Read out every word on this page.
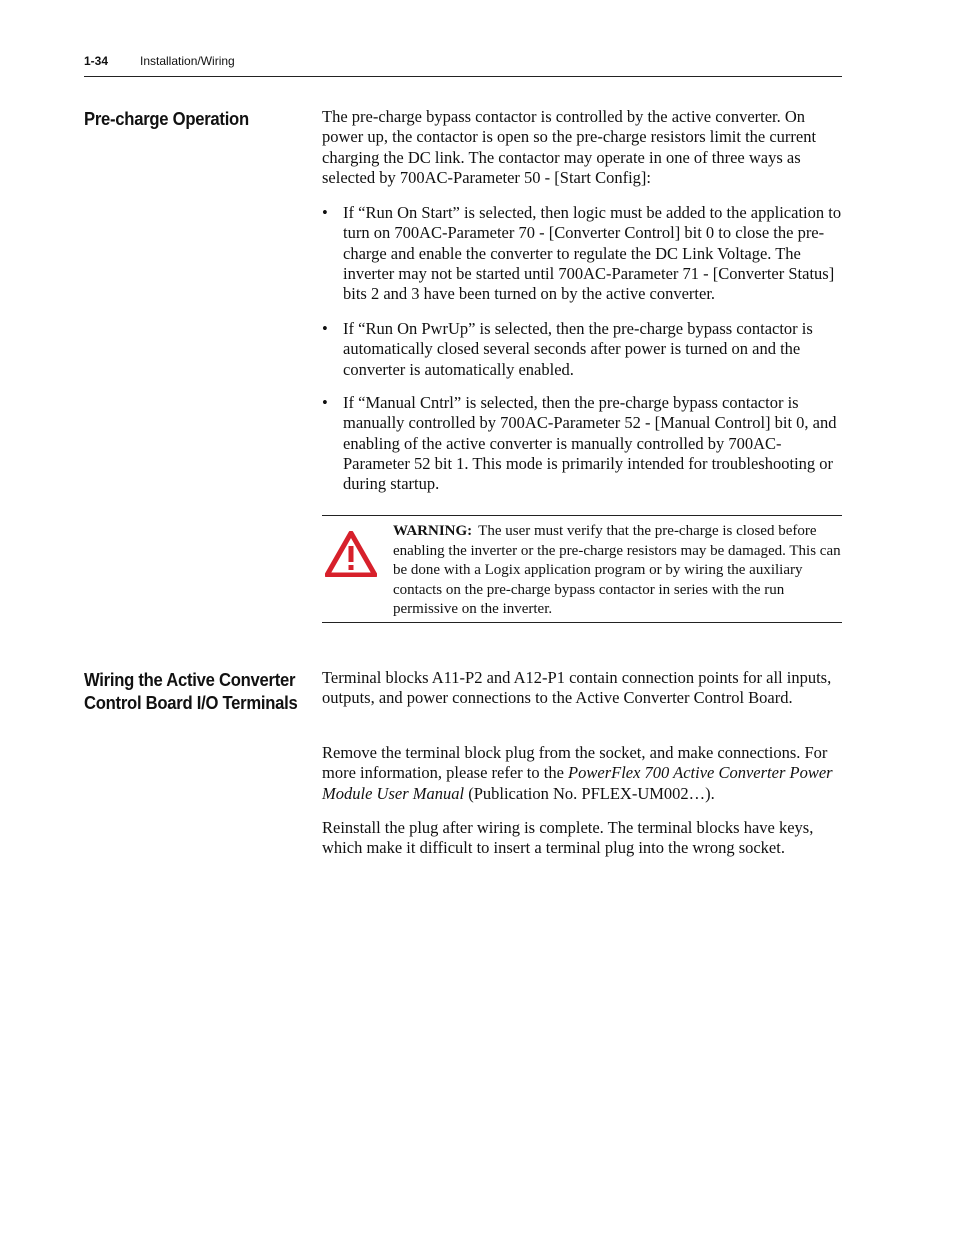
1-34	Installation/Wiring
Pre-charge Operation	The pre-charge bypass contactor is controlled by the active converter. On power up, the contactor is open so the pre-charge resistors limit the current charging the DC link. The contactor may operate in one of three ways as selected by 700AC-Parameter 50 - [Start Config]:

• If “Run On Start” is selected, then logic must be added to the application to turn on 700AC-Parameter 70 - [Converter Control] bit 0 to close the pre-charge and enable the converter to regulate the DC Link Voltage. The inverter may not be started until 700AC-Parameter 71 - [Converter Status] bits 2 and 3 have been turned on by the active converter.
• If “Run On PwrUp” is selected, then the pre-charge bypass contactor is automatically closed several seconds after power is turned on and the converter is automatically enabled.
• If “Manual Cntrl” is selected, then the pre-charge bypass contactor is manually controlled by 700AC-Parameter 52 - [Manual Control] bit 0, and enabling of the active converter is manually controlled by 700AC-Parameter 52 bit 1. This mode is primarily intended for troubleshooting or during startup.
WARNING: The user must verify that the pre-charge is closed before enabling the inverter or the pre-charge resistors may be damaged. This can be done with a Logix application program or by wiring the auxiliary contacts on the pre-charge bypass contactor in series with the run permissive on the inverter.
Wiring the Active Converter Control Board I/O Terminals

Terminal blocks A11-P2 and A12-P1 contain connection points for all inputs, outputs, and power connections to the Active Converter Control Board.

Remove the terminal block plug from the socket, and make connections. For more information, please refer to the PowerFlex 700 Active Converter Power Module User Manual (Publication No. PFLEX-UM002…).

Reinstall the plug after wiring is complete. The terminal blocks have keys, which make it difficult to insert a terminal plug into the wrong socket.
